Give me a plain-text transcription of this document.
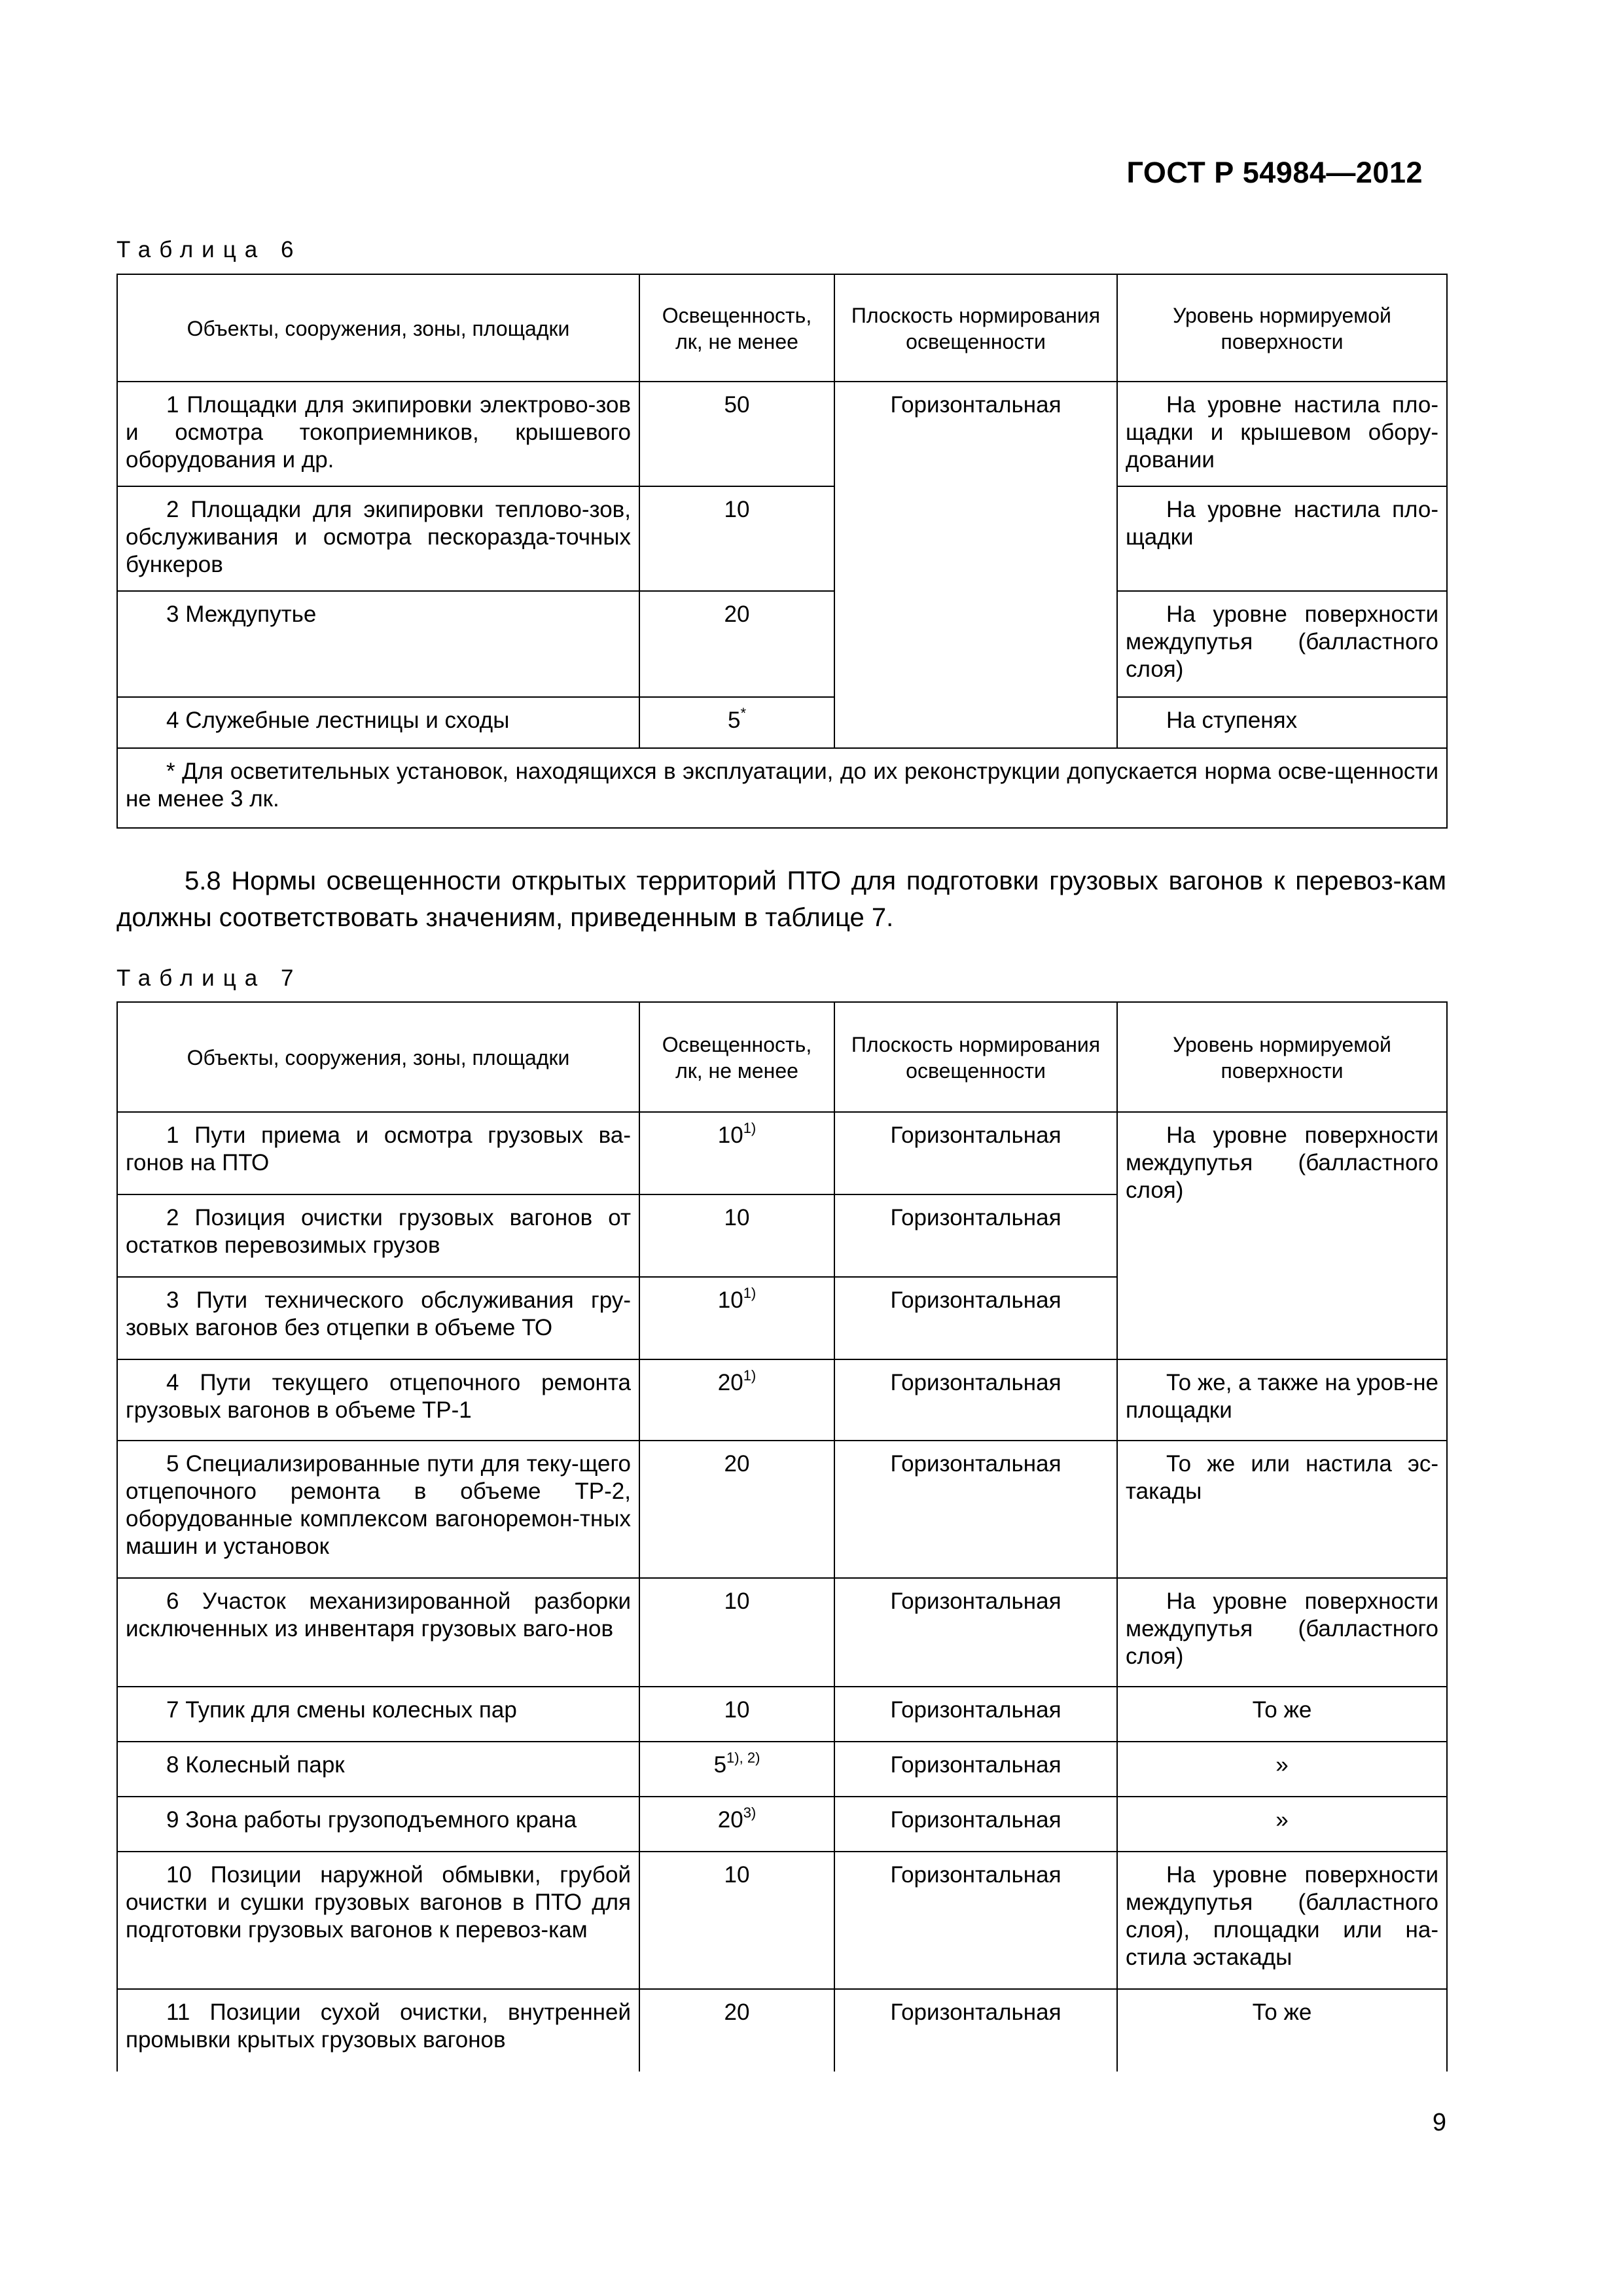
ГОСТ Р 54984—2012
Таблица 6
Объекты, сооружения, зоны, площадки	Освещенность, лк, не менее	Плоскость нормирования освещенности	Уровень нормируемой поверхности
1 Площадки для экипировки электрово-зов и осмотра токоприемников, крышевого оборудования и др.	50	Горизонтальная	На уровне настила пло-щадки и крышевом обору-довании
2 Площадки для экипировки теплово-зов, обслуживания и осмотра пескоразда-точных бункеров	10		На уровне настила пло-щадки
3 Междупутье	20		На уровне поверхности междупутья (балластного слоя)
4 Служебные лестницы и сходы	5*		На ступенях
* Для осветительных установок, находящихся в эксплуатации, до их реконструкции допускается норма осве-щенности не менее 3 лк.			
5.8 Нормы освещенности открытых территорий ПТО для подготовки грузовых вагонов к перевоз-кам должны соответствовать значениям, приведенным в таблице 7.
Таблица 7
Объекты, сооружения, зоны, площадки	Освещенность, лк, не менее	Плоскость нормирования освещенности	Уровень нормируемой поверхности
1 Пути приема и осмотра грузовых ва-гонов на ПТО	10$^{1)}$	Горизонтальная	На уровне поверхности междупутья (балластного слоя)
2 Позиция очистки грузовых вагонов от остатков перевозимых грузов	10	Горизонтальная	
3 Пути технического обслуживания гру-зовых вагонов без отцепки в объеме ТО	10$^{1)}$	Горизонтальная	
4 Пути текущего отцепочного ремонта грузовых вагонов в объеме ТР-1	20$^{1)}$	Горизонтальная	То же, а также на уров-не площадки
5 Специализированные пути для теку-щего отцепочного ремонта в объеме ТР-2, оборудованные комплексом вагоноремон-тных машин и установок	20	Горизонтальная	То же или настила эс-такады
6 Участок механизированной разборки исключенных из инвентаря грузовых ваго-нов	10	Горизонтальная	На уровне поверхности междупутья (балластного слоя)
7 Тупик для смены колесных пар	10	Горизонтальная	То же
8 Колесный парк	$5^{1), 2)}$	Горизонтальная	»
9 Зона работы грузоподъемного крана	20$^{3)}$	Горизонтальная	»
10 Позиции наружной обмывки, грубой очистки и сушки грузовых вагонов в ПТО для подготовки грузовых вагонов к перевоз-кам	10	Горизонтальная	На уровне поверхности междупутья (балластного слоя), площадки или на-стила эстакады
11 Позиции сухой очистки, внутренней промывки крытых грузовых вагонов	20	Горизонтальная	То же
9
